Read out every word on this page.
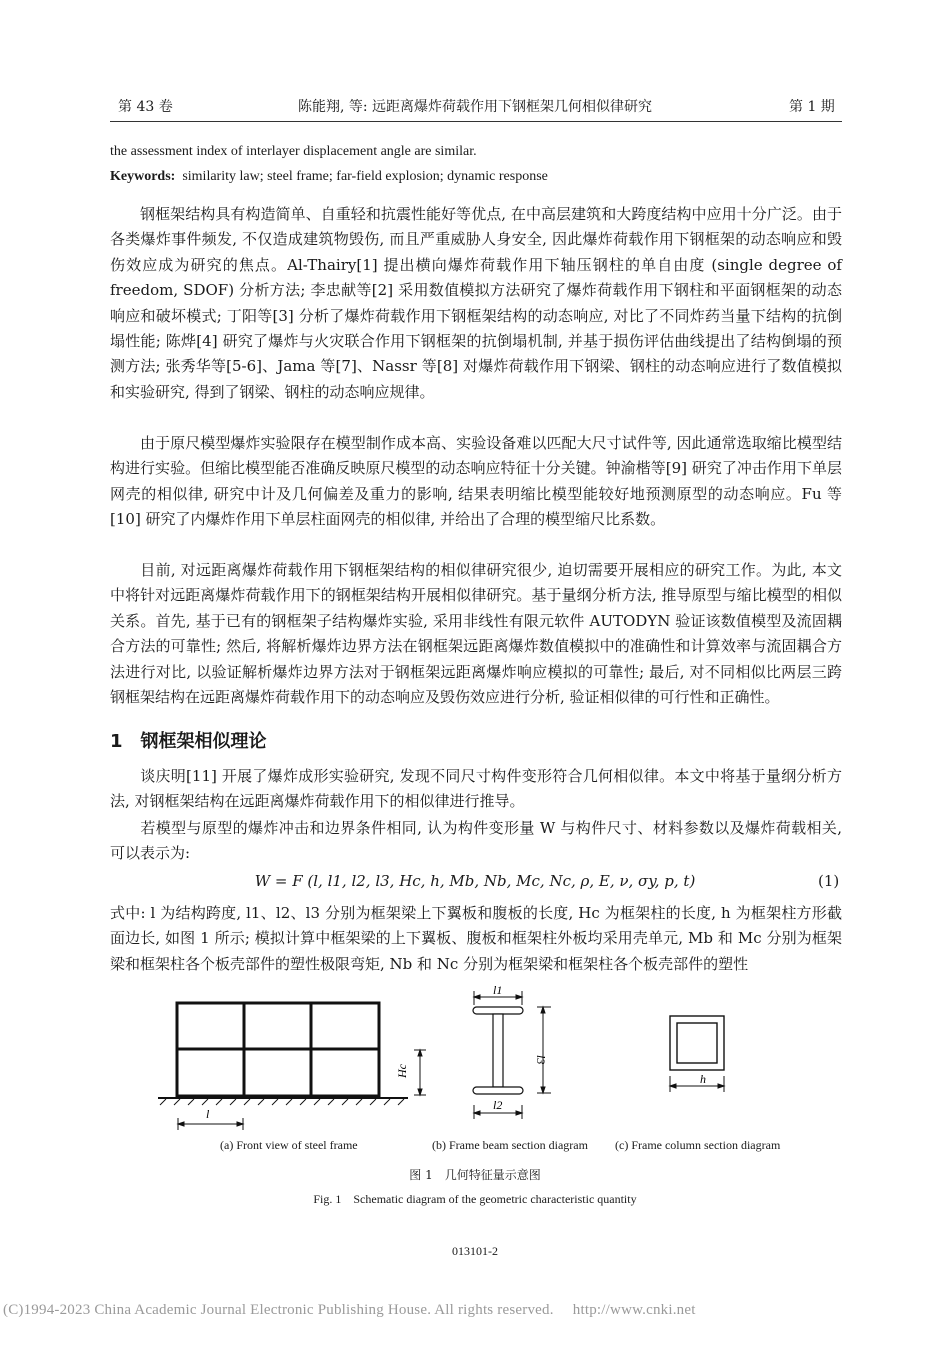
第 43 卷	陈能翔, 等: 远距离爆炸荷载作用下钢框架几何相似律研究	第 1 期
the assessment index of interlayer displacement angle are similar.
Keywords: similarity law; steel frame; far-field explosion; dynamic response

钢框架结构具有构造简单、自重轻和抗震性能好等优点, 在中高层建筑和大跨度结构中应用十分广泛。由于各类爆炸事件频发, 不仅造成建筑物毁伤, 而且严重威胁人身安全, 因此爆炸荷载作用下钢框架的动态响应和毁伤效应成为研究的焦点。Al-Thairy[1] 提出横向爆炸荷载作用下轴压钢柱的单自由度 (single degree of freedom, SDOF) 分析方法; 李忠献等[2] 采用数值模拟方法研究了爆炸荷载作用下钢柱和平面钢框架的动态响应和破坏模式; 丁阳等[3] 分析了爆炸荷载作用下钢框架结构的动态响应, 对比了不同炸药当量下结构的抗倒塌性能; 陈烨[4] 研究了爆炸与火灾联合作用下钢框架的抗倒塌机制, 并基于损伤评估曲线提出了结构倒塌的预测方法; 张秀华等[5-6]、Jama 等[7]、Nassr 等[8] 对爆炸荷载作用下钢梁、钢柱的动态响应进行了数值模拟和实验研究, 得到了钢梁、钢柱的动态响应规律。

由于原尺模型爆炸实验限存在模型制作成本高、实验设备难以匹配大尺寸试件等, 因此通常选取缩比模型结构进行实验。但缩比模型能否准确反映原尺模型的动态响应特征十分关键。钟渝楷等[9] 研究了冲击作用下单层网壳的相似律, 研究中计及几何偏差及重力的影响, 结果表明缩比模型能较好地预测原型的动态响应。Fu 等[10] 研究了内爆炸作用下单层柱面网壳的相似律, 并给出了合理的模型缩尺比系数。

目前, 对远距离爆炸荷载作用下钢框架结构的相似律研究很少, 迫切需要开展相应的研究工作。为此, 本文中将针对远距离爆炸荷载作用下的钢框架结构开展相似律研究。基于量纲分析方法, 推导原型与缩比模型的相似关系。首先, 基于已有的钢框架子结构爆炸实验, 采用非线性有限元软件 AUTODYN 验证该数值模型及流固耦合方法的可靠性; 然后, 将解析爆炸边界方法在钢框架远距离爆炸数值模拟中的准确性和计算效率与流固耦合方法进行对比, 以验证解析爆炸边界方法对于钢框架远距离爆炸响应模拟的可靠性; 最后, 对不同相似比两层三跨钢框架结构在远距离爆炸荷载作用下的动态响应及毁伤效应进行分析, 验证相似律的可行性和正确性。

1　钢框架相似理论

谈庆明[11] 开展了爆炸成形实验研究, 发现不同尺寸构件变形符合几何相似律。本文中将基于量纲分析方法, 对钢框架结构在远距离爆炸荷载作用下的相似律进行推导。

若模型与原型的爆炸冲击和边界条件相同, 认为构件变形量 W 与构件尺寸、材料参数以及爆炸荷载相关, 可以表示为:

W = F (l, l1, l2, l3, Hc, h, Mb, Nb, Mc, Nc, ρ, E, ν, σy, p, t)	(1)

式中: l 为结构跨度, l1、l2、l3 分别为框架梁上下翼板和腹板的长度, Hc 为框架柱的长度, h 为框架柱方形截面边长, 如图 1 所示; 模拟计算中框架梁的上下翼板、腹板和框架柱外板均采用壳单元, Mb 和 Mc 分别为框架梁和框架柱各个板壳部件的塑性极限弯矩, Nb 和 Nc 分别为框架梁和框架柱各个板壳部件的塑性

l
Hc
l1
l3
l2
h
(a) Front view of steel frame	(b) Frame beam section diagram (c) Frame column section diagram
图 1　几何特征量示意图
Fig. 1　Schematic diagram of the geometric characteristic quantity
013101-2
(C)1994-2023 China Academic Journal Electronic Publishing House. All rights reserved.　 http://www.cnki.net
